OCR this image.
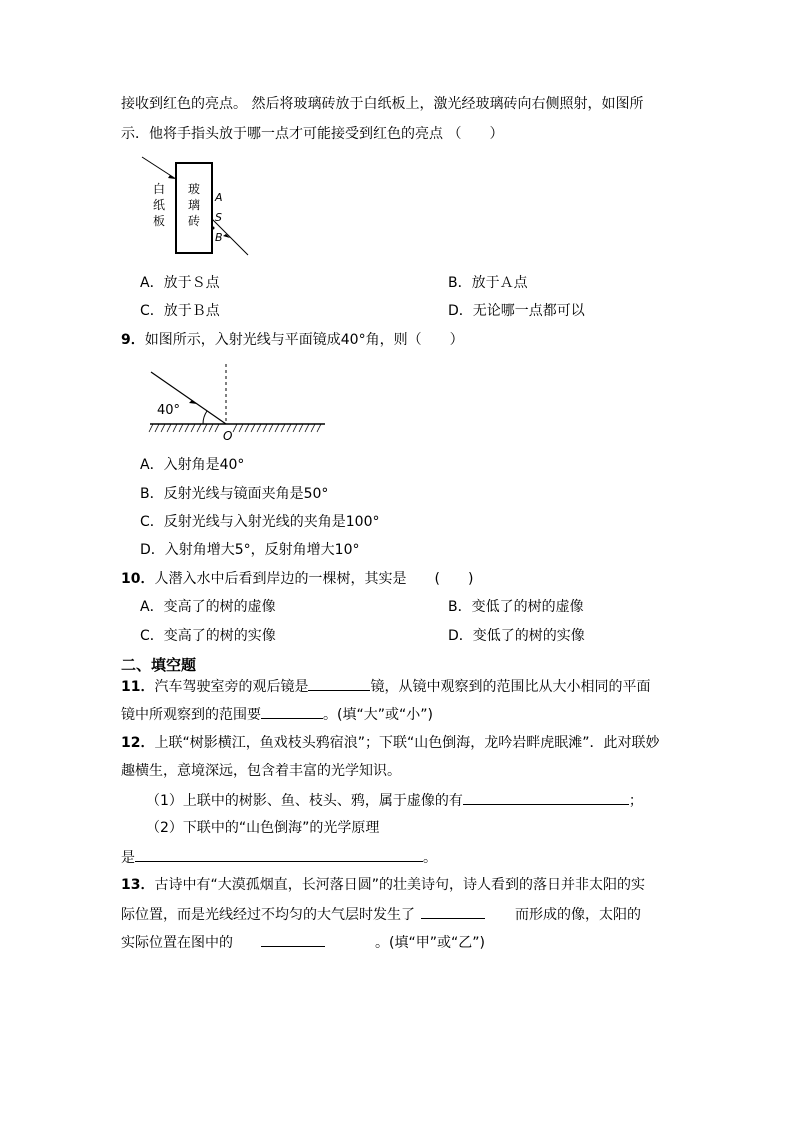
接收到红色的亮点。 然后将玻璃砖放于白纸板上，激光经玻璃砖向右侧照射，如图所
示．他将手指头放于哪一点才可能接受到红色的亮点 （　　）
白
纸
板
玻
璃
砖
A
S
B
A．放于Ｓ点	B．放于Ａ点
C．放于Ｂ点	D．无论哪一点都可以
9．如图所示，入射光线与平面镜成40°角，则（　　）
40°
O
A．入射角是40°
B．反射光线与镜面夹角是50°
C．反射光线与入射光线的夹角是100°
D．入射角增大5°，反射角增大10°
10．人潜入水中后看到岸边的一棵树，其实是　　(　　)
A．变高了的树的虚像	B．变低了的树的虚像
C．变高了的树的实像	D．变低了的树的实像
二、填空题
11．汽车驾驶室旁的观后镜是	镜，从镜中观察到的范围比从大小相同的平面
镜中所观察到的范围要	。(填“大”或“小”)
12．上联“树影横江，鱼戏枝头鸦宿浪”；下联“山色倒海，龙吟岩畔虎眠滩”．此对联妙
趣横生，意境深远，包含着丰富的光学知识。
（1）上联中的树影、鱼、枝头、鸦，属于虚像的有	；
（2）下联中的“山色倒海”的光学原理
是	。
13．古诗中有“大漠孤烟直，长河落日圆”的壮美诗句，诗人看到的落日并非太阳的实
际位置，而是光线经过不均匀的大气层时发生了	而形成的像，太阳的
实际位置在图中的	。(填“甲”或“乙”)
